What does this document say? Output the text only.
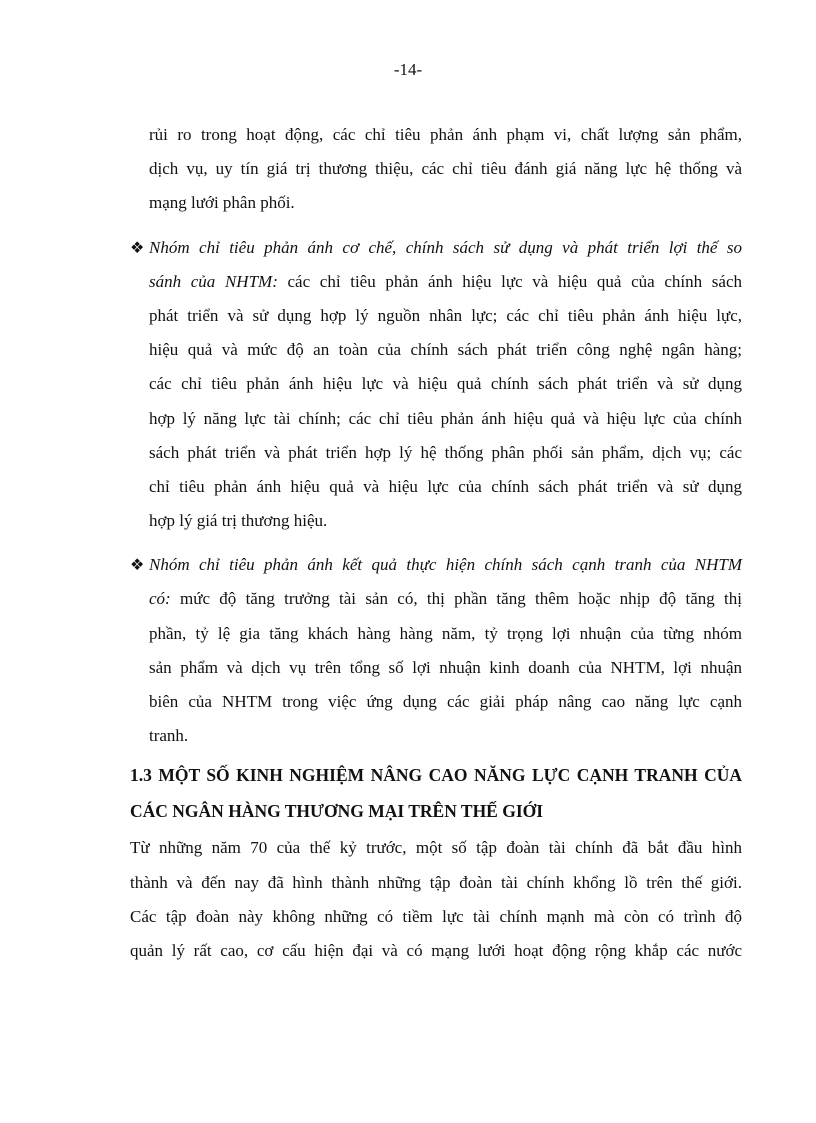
-14-
rủi ro trong hoạt động, các chỉ tiêu phản ánh phạm vi, chất lượng sản phẩm,
dịch vụ, uy tín giá trị thương thiệu, các chỉ tiêu đánh giá năng lực hệ thống và
mạng lưới phân phối.
❖ Nhóm chỉ tiêu phản ánh cơ chế, chính sách sử dụng và phát triển lợi thế so
sánh của NHTM: các chỉ tiêu phản ánh hiệu lực và hiệu quả của chính sách
phát triển và sử dụng hợp lý nguồn nhân lực; các chỉ tiêu phản ánh hiệu lực,
hiệu quả và mức độ an toàn của chính sách phát triển công nghệ ngân hàng;
các chỉ tiêu phản ánh hiệu lực và hiệu quả chính sách phát triển và sử dụng
hợp lý năng lực tài chính; các chỉ tiêu phản ánh hiệu quả và hiệu lực của chính
sách phát triển và phát triển hợp lý hệ thống phân phối sản phẩm, dịch vụ; các
chỉ tiêu phản ánh hiệu quả và hiệu lực của chính sách phát triển và sử dụng
hợp lý giá trị thương hiệu.
❖ Nhóm chỉ tiêu phản ánh kết quả thực hiện chính sách cạnh tranh của NHTM
có: mức độ tăng trưởng tài sản có, thị phần tăng thêm hoặc nhịp độ tăng thị
phần, tỷ lệ gia tăng khách hàng hàng năm, tỷ trọng lợi nhuận của từng nhóm
sản phẩm và dịch vụ trên tổng số lợi nhuận kinh doanh của NHTM, lợi nhuận
biên của NHTM trong việc ứng dụng các giải pháp nâng cao năng lực cạnh
tranh.
1.3 MỘT SỐ KINH NGHIỆM NÂNG CAO NĂNG LỰC CẠNH TRANH CỦA
CÁC NGÂN HÀNG THƯƠNG MẠI TRÊN THẾ GIỚI
Từ những năm 70 của thế kỷ trước, một số tập đoàn tài chính đã bắt đầu hình
thành và đến nay đã hình thành những tập đoàn tài chính khổng lồ trên thế giới.
Các tập đoàn này không những có tiềm lực tài chính mạnh mà còn có trình độ
quản lý rất cao, cơ cấu hiện đại và có mạng lưới hoạt động rộng khắp các nước
